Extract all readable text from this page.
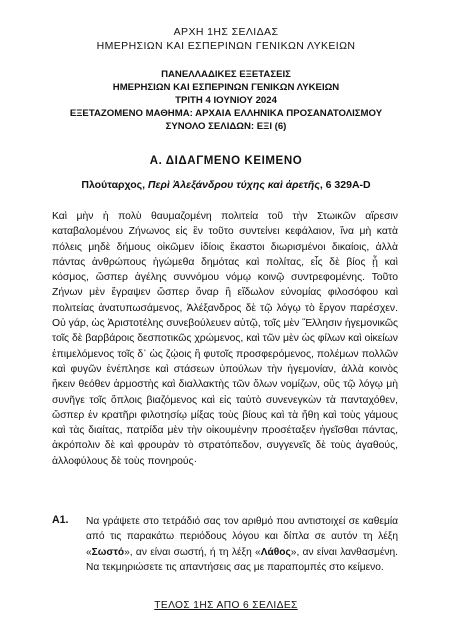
ΑΡΧΗ 1ΗΣ ΣΕΛΙΔΑΣ
ΗΜΕΡΗΣΙΩΝ ΚΑΙ ΕΣΠΕΡΙΝΩΝ ΓΕΝΙΚΩΝ ΛΥΚΕΙΩΝ
ΠΑΝΕΛΛΑΔΙΚΕΣ ΕΞΕΤΑΣΕΙΣ
ΗΜΕΡΗΣΙΩΝ ΚΑΙ ΕΣΠΕΡΙΝΩΝ ΓΕΝΙΚΩΝ ΛΥΚΕΙΩΝ
ΤΡΙΤΗ 4 ΙΟΥΝΙΟΥ 2024
ΕΞΕΤΑΖΟΜΕΝΟ ΜΑΘΗΜΑ: ΑΡΧΑΙΑ ΕΛΛΗΝΙΚΑ ΠΡΟΣΑΝΑΤΟΛΙΣΜΟΥ
ΣΥΝΟΛΟ ΣΕΛΙΔΩΝ: ΕΞΙ (6)
Α. ΔΙΔΑΓΜΕΝΟ ΚΕΙΜΕΝΟ
Πλούταρχος, Περὶ Ἀλεξάνδρου τύχης καὶ ἀρετῆς, 6 329A-D

Καὶ μὴν ἡ πολὺ θαυμαζομένη πολιτεία τοῦ τὴν Στωικῶν αἵρεσιν καταβαλομένου Ζήνωνος εἰς ἓν τοῦτο συντείνει κεφάλαιον, ἵνα μὴ κατὰ πόλεις μηδὲ δήμους οἰκῶμεν ἰδίοις ἕκαστοι διωρισμένοι δικαίοις, ἀλλὰ πάντας ἀνθρώπους ἡγώμεθα δημότας καὶ πολίτας, εἷς δὲ βίος ᾖ καὶ κόσμος, ὥσπερ ἀγέλης συννόμου νόμῳ κοινῷ συντρεφομένης. Τοῦτο Ζήνων μὲν ἔγραψεν ὥσπερ ὄναρ ἢ εἴδωλον εὐνομίας φιλοσόφου καὶ πολιτείας ἀνατυπωσάμενος, Ἀλέξανδρος δὲ τῷ λόγῳ τὸ ἔργον παρέσχεν. Οὐ γάρ, ὡς Ἀριστοτέλης συνεβούλευεν αὐτῷ, τοῖς μὲν Ἕλλησιν ἡγεμονικῶς τοῖς δὲ βαρβάροις δεσποτικῶς χρώμενος, καὶ τῶν μὲν ὡς φίλων καὶ οἰκείων ἐπιμελόμενος τοῖς δ᾽ ὡς ζῴοις ἢ φυτοῖς προσφερόμενος, πολέμων πολλῶν καὶ φυγῶν ἐνέπλησε καὶ στάσεων ὑπούλων τὴν ἡγεμονίαν, ἀλλὰ κοινὸς ἥκειν θεόθεν ἁρμοστὴς καὶ διαλλακτὴς τῶν ὅλων νομίζων, οὓς τῷ λόγῳ μὴ συνῆγε τοῖς ὅπλοις βιαζόμενος καὶ εἰς ταὐτὸ συνενεγκὼν τὰ πανταχόθεν, ὥσπερ ἐν κρατῆρι φιλοτησίῳ μίξας τοὺς βίους καὶ τὰ ἤθη καὶ τοὺς γάμους καὶ τὰς διαίτας, πατρίδα μὲν τὴν οἰκουμένην προσέταξεν ἡγεῖσθαι πάντας, ἀκρόπολιν δὲ καὶ φρουρὰν τὸ στρατόπεδον, συγγενεῖς δὲ τοὺς ἀγαθούς, ἀλλοφύλους δὲ τοὺς πονηρούς·

Α1. Να γράψετε στο τετράδιό σας τον αριθμό που αντιστοιχεί σε καθεμία από τις παρακάτω περιόδους λόγου και δίπλα σε αυτόν τη λέξη «Σωστό», αν είναι σωστή, ή τη λέξη «Λάθος», αν είναι λανθασμένη. Να τεκμηριώσετε τις απαντήσεις σας με παραπομπές στο κείμενο.

ΤΕΛΟΣ 1ΗΣ ΑΠΟ 6 ΣΕΛΙΔΕΣ
